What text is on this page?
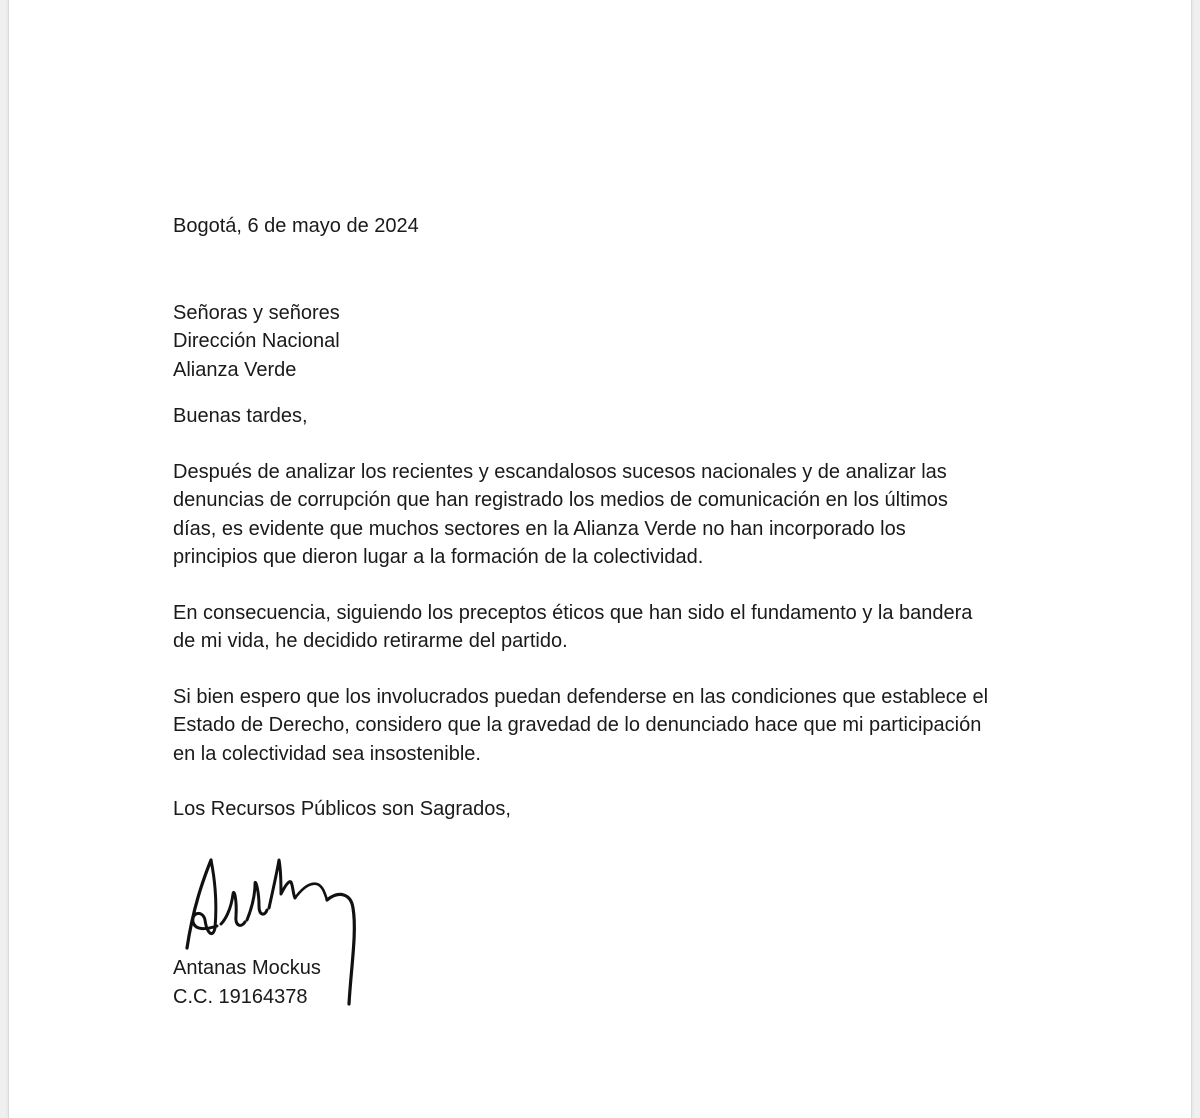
Bogotá, 6 de mayo de 2024
Señoras y señores
Dirección Nacional
Alianza Verde
Buenas tardes,
Después de analizar los recientes y escandalosos sucesos nacionales y de analizar las
denuncias de corrupción que han registrado los medios de comunicación en los últimos
días, es evidente que muchos sectores en la Alianza Verde no han incorporado los
principios que dieron lugar a la formación de la colectividad.
En consecuencia, siguiendo los preceptos éticos que han sido el fundamento y la bandera
de mi vida, he decidido retirarme del partido.
Si bien espero que los involucrados puedan defenderse en las condiciones que establece el
Estado de Derecho, considero que la gravedad de lo denunciado hace que mi participación
en la colectividad sea insostenible.
Los Recursos Públicos son Sagrados,
Antanas Mockus
C.C. 19164378
